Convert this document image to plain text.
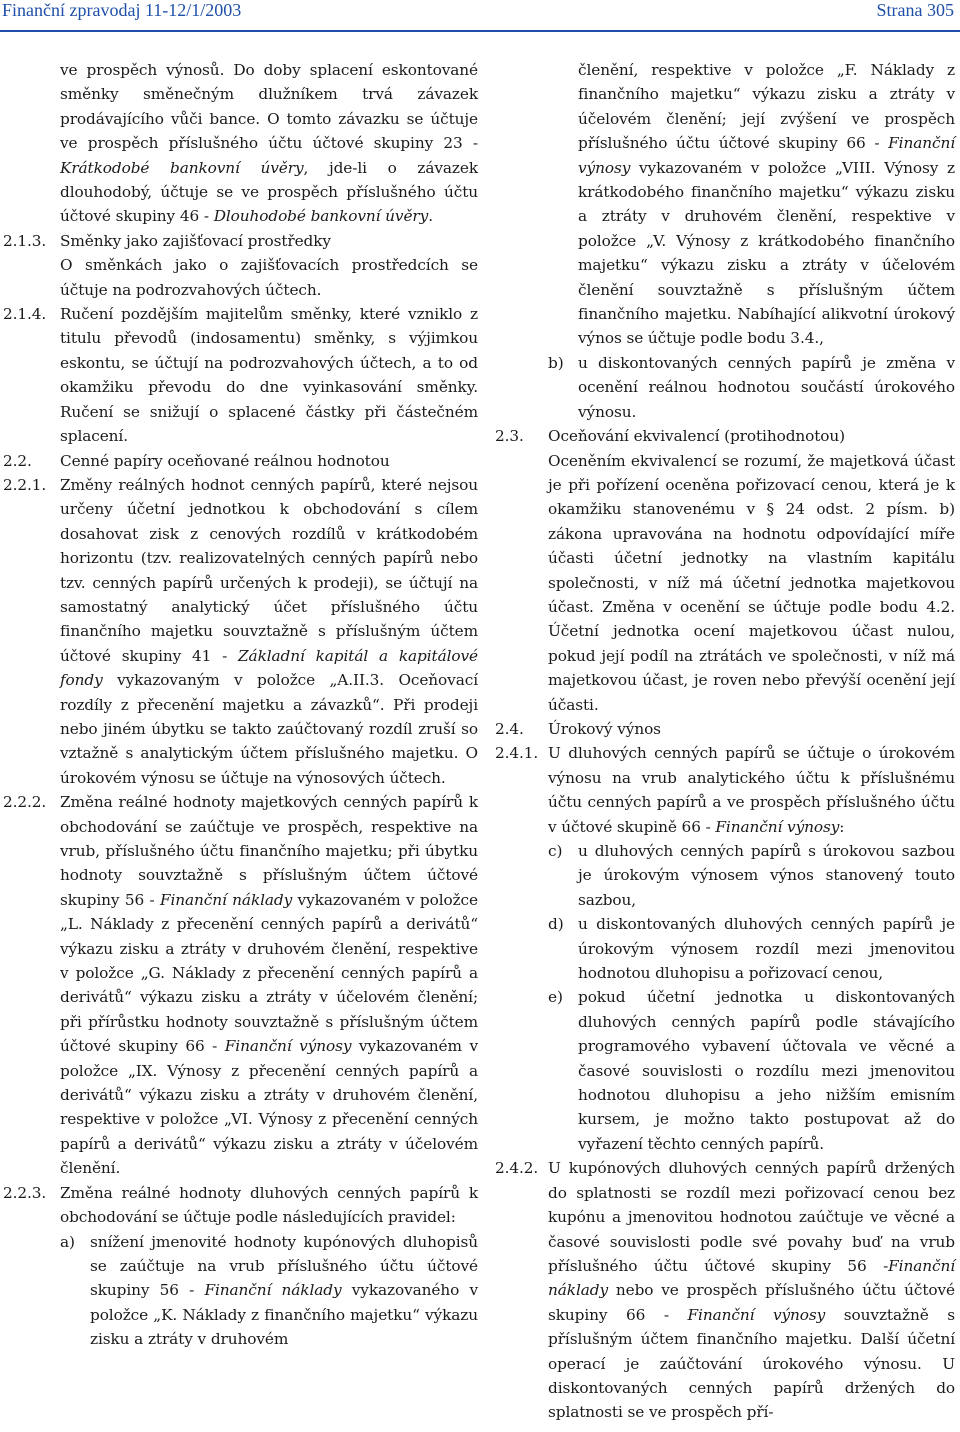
Finanční zpravodaj 11-12/1/2003	Strana 305
ve prospěch výnosů. Do doby splacení eskontované směnky směnečným dlužníkem trvá závazek prodávajícího vůči bance. O tomto závazku se účtuje ve prospěch příslušného účtu účtové skupiny 23 - Krátkodobé bankovní úvěry, jde-li o závazek dlouhodobý, účtuje se ve prospěch příslušného účtu účtové skupiny 46 - Dlouhodobé bankovní úvěry.
2.1.3. Směnky jako zajišťovací prostředky
O směnkách jako o zajišťovacích prostředcích se účtuje na podrozvahových účtech.
2.1.4. Ručení pozdějším majitelům směnky, které vzniklo z titulu převodů (indosamentu) směnky, s výjimkou eskontu, se účtují na podrozvahových účtech, a to od okamžiku převodu do dne vyinkasování směnky. Ručení se snižují o splacené částky při částečném splacení.
2.2.	Cenné papíry oceňované reálnou hodnotou
2.2.1. Změny reálných hodnot cenných papírů, které nejsou určeny účetní jednotkou k obchodování s cílem dosahovat zisk z cenových rozdílů v krátkodobém horizontu (tzv. realizovatelných cenných papírů nebo tzv. cenných papírů určených k prodeji), se účtují na samostatný analytický účet příslušného účtu finančního majetku souvztažně s příslušným účtem účtové skupiny 41 - Základní kapitál a kapitálové fondy vykazovaným v položce „A.II.3. Oceňovací rozdíly z přecenění majetku a závazků“. Při prodeji nebo jiném úbytku se takto zaúčtovaný rozdíl zruší so vztažně s analytickým účtem příslušného majetku. O úrokovém výnosu se účtuje na výnosových účtech.
2.2.2. Změna reálné hodnoty majetkových cenných papírů k obchodování se zaúčtuje ve prospěch, respektive na vrub, příslušného účtu finančního majetku; při úbytku hodnoty souvztažně s příslušným účtem účtové skupiny 56 - Finanční náklady vykazovaném v položce „L. Náklady z přecenění cenných papírů a derivátů“ výkazu zisku a ztráty v druhovém členění, respektive v položce „G. Náklady z přecenění cenných papírů a derivátů“ výkazu zisku a ztráty v účelovém členění; při přírůstku hodnoty souvztažně s příslušným účtem účtové skupiny 66 - Finanční výnosy vykazovaném v položce „IX. Výnosy z přecenění cenných papírů a derivátů“ výkazu zisku a ztráty v druhovém členění, respektive v položce „VI. Výnosy z přecenění cenných papírů a derivátů“ výkazu zisku a ztráty v účelovém členění.
2.2.3. Změna reálné hodnoty dluhových cenných papírů k obchodování se účtuje podle následujících pravidel:
a) snížení jmenovité hodnoty kupónových dluhopisů se zaúčtuje na vrub příslušného účtu účtové skupiny 56 - Finanční náklady vykazovaného v položce „K. Náklady z finančního majetku“ výkazu zisku a ztráty v druhovém
členění, respektive v položce „F. Náklady z finančního majetku“ výkazu zisku a ztráty v účelovém členění; její zvýšení ve prospěch příslušného účtu účtové skupiny 66 - Finanční výnosy vykazovaném v položce „VIII. Výnosy z krátkodobého finančního majetku“ výkazu zisku a ztráty v druhovém členění, respektive v položce „V. Výnosy z krátkodobého finančního majetku“ výkazu zisku a ztráty v účelovém členění souvztažně s příslušným účtem finančního majetku. Nabíhající alikvotní úrokový výnos se účtuje podle bodu 3.4.,
b) u diskontovaných cenných papírů je změna v ocenění reálnou hodnotou součástí úrokového výnosu.
2.3.	Oceňování ekvivalencí (protihodnotou)
Oceněním ekvivalencí se rozumí, že majetková účast je při pořízení oceněna pořizovací cenou, která je k okamžiku stanovenému v § 24 odst. 2 písm. b) zákona upravována na hodnotu odpovídající míře účasti účetní jednotky na vlastním kapitálu společnosti, v níž má účetní jednotka majetkovou účast. Změna v ocenění se účtuje podle bodu 4.2. Účetní jednotka ocení majetkovou účast nulou, pokud její podíl na ztrátách ve společnosti, v níž má majetkovou účast, je roven nebo převýší ocenění její účasti.
2.4.	Úrokový výnos
2.4.1. U dluhových cenných papírů se účtuje o úrokovém výnosu na vrub analytického účtu k příslušnému účtu cenných papírů a ve prospěch příslušného účtu v účtové skupině 66 - Finanční výnosy:
c)	u dluhových cenných papírů s úrokovou sazbou je úrokovým výnosem výnos stanovený touto sazbou,
d) u diskontovaných dluhových cenných papírů je úrokovým výnosem rozdíl mezi jmenovitou hodnotou dluhopisu a pořizovací cenou,
e) pokud účetní jednotka u diskontovaných dluhových cenných papírů podle stávajícího programového vybavení účtovala ve věcné a časové souvislosti o rozdílu mezi jmenovitou hodnotou dluhopisu a jeho nižším emisním kursem, je možno takto postupovat až do vyřazení těchto cenných papírů.
2.4.2. U kupónových dluhových cenných papírů držených do splatnosti se rozdíl mezi pořizovací cenou bez kupónu a jmenovitou hodnotou zaúčtuje ve věcné a časové souvislosti podle své povahy buď na vrub příslušného účtu účtové skupiny 56 -Finanční náklady nebo ve prospěch příslušného účtu účtové skupiny 66 - Finanční výnosy souvztažně s příslušným účtem finančního majetku. Další účetní operací je zaúčtování úrokového výnosu. U diskontovaných cenných papírů držených do splatnosti se ve prospěch pří-
